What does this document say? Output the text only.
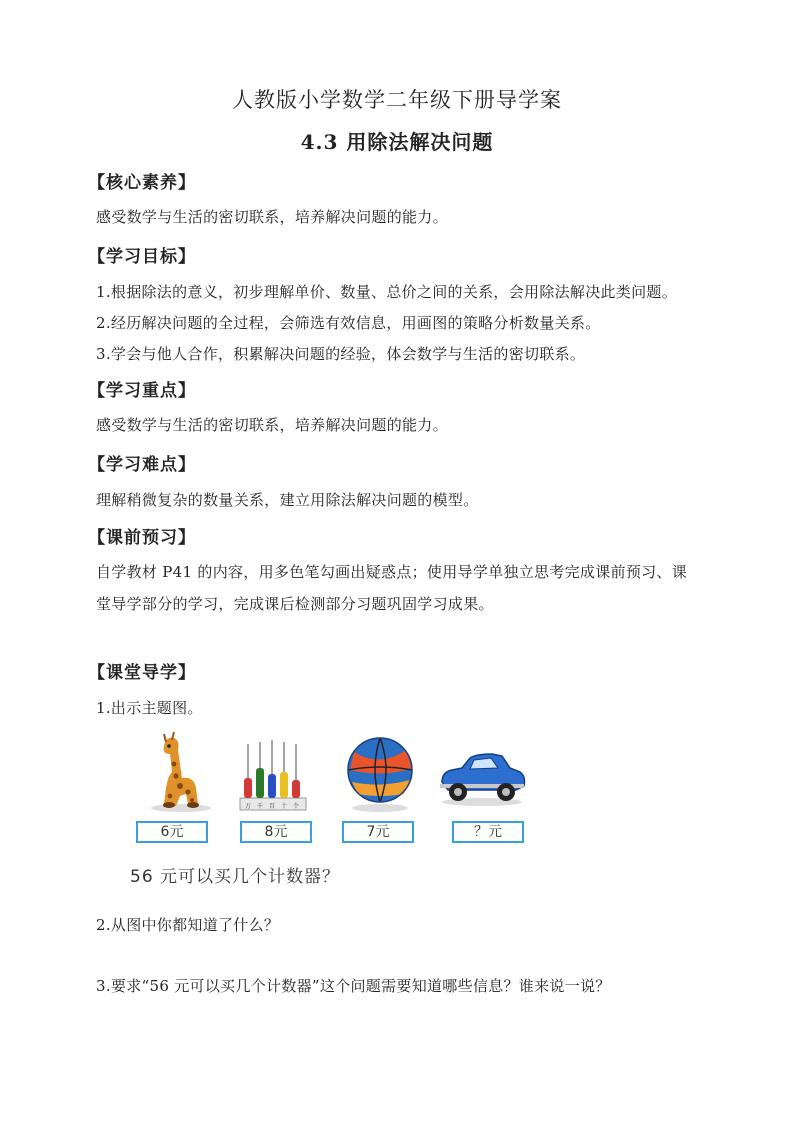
人教版小学数学二年级下册导学案
4.3 用除法解决问题
【核心素养】
感受数学与生活的密切联系，培养解决问题的能力。
【学习目标】
1.根据除法的意义，初步理解单价、数量、总价之间的关系，会用除法解决此类问题。
2.经历解决问题的全过程，会筛选有效信息，用画图的策略分析数量关系。
3.学会与他人合作，积累解决问题的经验，体会数学与生活的密切联系。
【学习重点】
感受数学与生活的密切联系，培养解决问题的能力。
【学习难点】
理解稍微复杂的数量关系，建立用除法解决问题的模型。
【课前预习】
自学教材 P41 的内容，用多色笔勾画出疑惑点；使用导学单独立思考完成课前预习、课
堂导学部分的学习，完成课后检测部分习题巩固学习成果。
【课堂导学】
1.出示主题图。
万 千 百 十 个
6元	8元	7元	？元
56 元可以买几个计数器？
2.从图中你都知道了什么？
3.要求“56 元可以买几个计数器”这个问题需要知道哪些信息？谁来说一说？
